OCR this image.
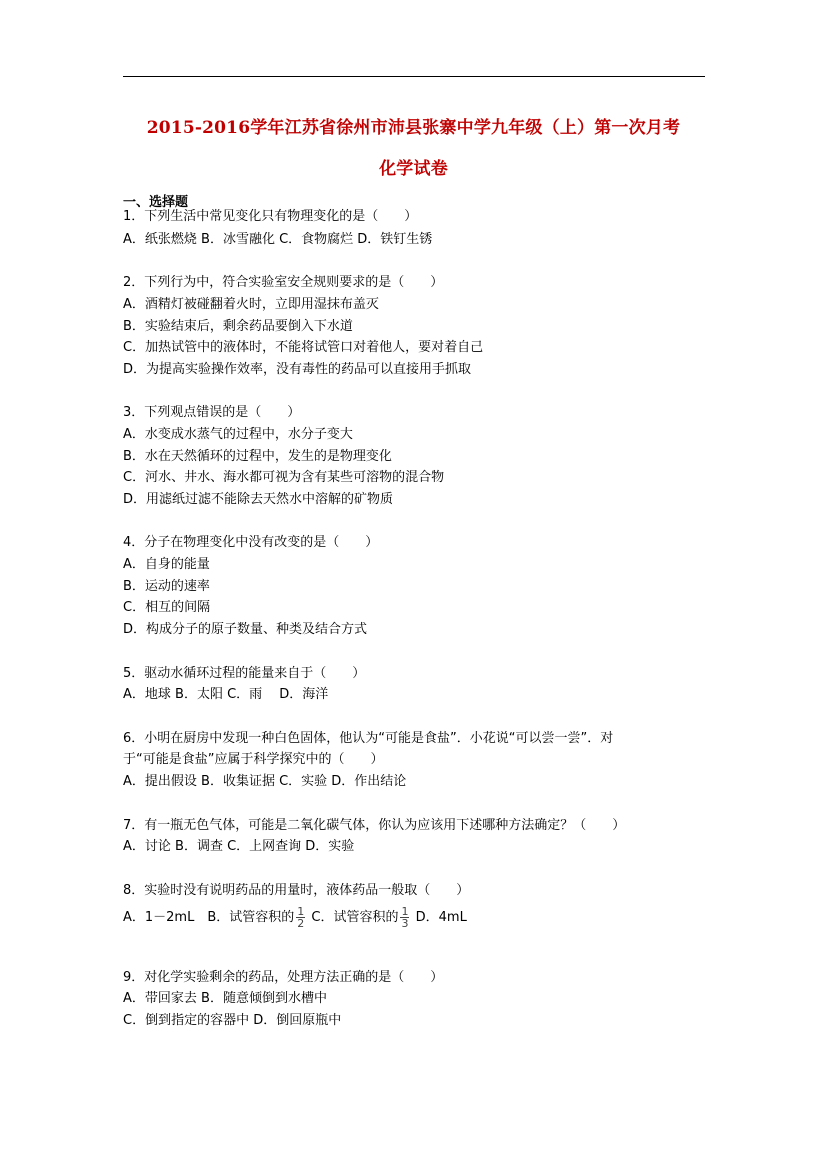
2015-2016学年江苏省徐州市沛县张寨中学九年级（上）第一次月考
化学试卷
一、选择题
1．下列生活中常见变化只有物理变化的是（　　）
A．纸张燃烧 B．冰雪融化 C．食物腐烂 D．铁钉生锈
2．下列行为中，符合实验室安全规则要求的是（　　）
A．酒精灯被碰翻着火时，立即用湿抹布盖灭
B．实验结束后，剩余药品要倒入下水道
C．加热试管中的液体时，不能将试管口对着他人，要对着自己
D．为提高实验操作效率，没有毒性的药品可以直接用手抓取
3．下列观点错误的是（　　）
A．水变成水蒸气的过程中，水分子变大
B．水在天然循环的过程中，发生的是物理变化
C．河水、井水、海水都可视为含有某些可溶物的混合物
D．用滤纸过滤不能除去天然水中溶解的矿物质
4．分子在物理变化中没有改变的是（　　）
A．自身的能量
B．运动的速率
C．相互的间隔
D．构成分子的原子数量、种类及结合方式
5．驱动水循环过程的能量来自于（　　）
A．地球 B．太阳 C．雨　 D．海洋
6．小明在厨房中发现一种白色固体，他认为“可能是食盐”．小花说“可以尝一尝”．对
于“可能是食盐”应属于科学探究中的（　　）
A．提出假设 B．收集证据 C．实验 D．作出结论
7．有一瓶无色气体，可能是二氧化碳气体，你认为应该用下述哪种方法确定？（　　）
A．讨论 B．调查 C．上网查询 D．实验
8．实验时没有说明药品的用量时，液体药品一般取（　　）
A．1－2mL　B．试管容积的 $\frac{1}{2}$ C．试管容积的 $\frac{1}{3}$ D．4mL
9．对化学实验剩余的药品，处理方法正确的是（　　）
A．带回家去 B．随意倾倒到水槽中
C．倒到指定的容器中 D．倒回原瓶中
